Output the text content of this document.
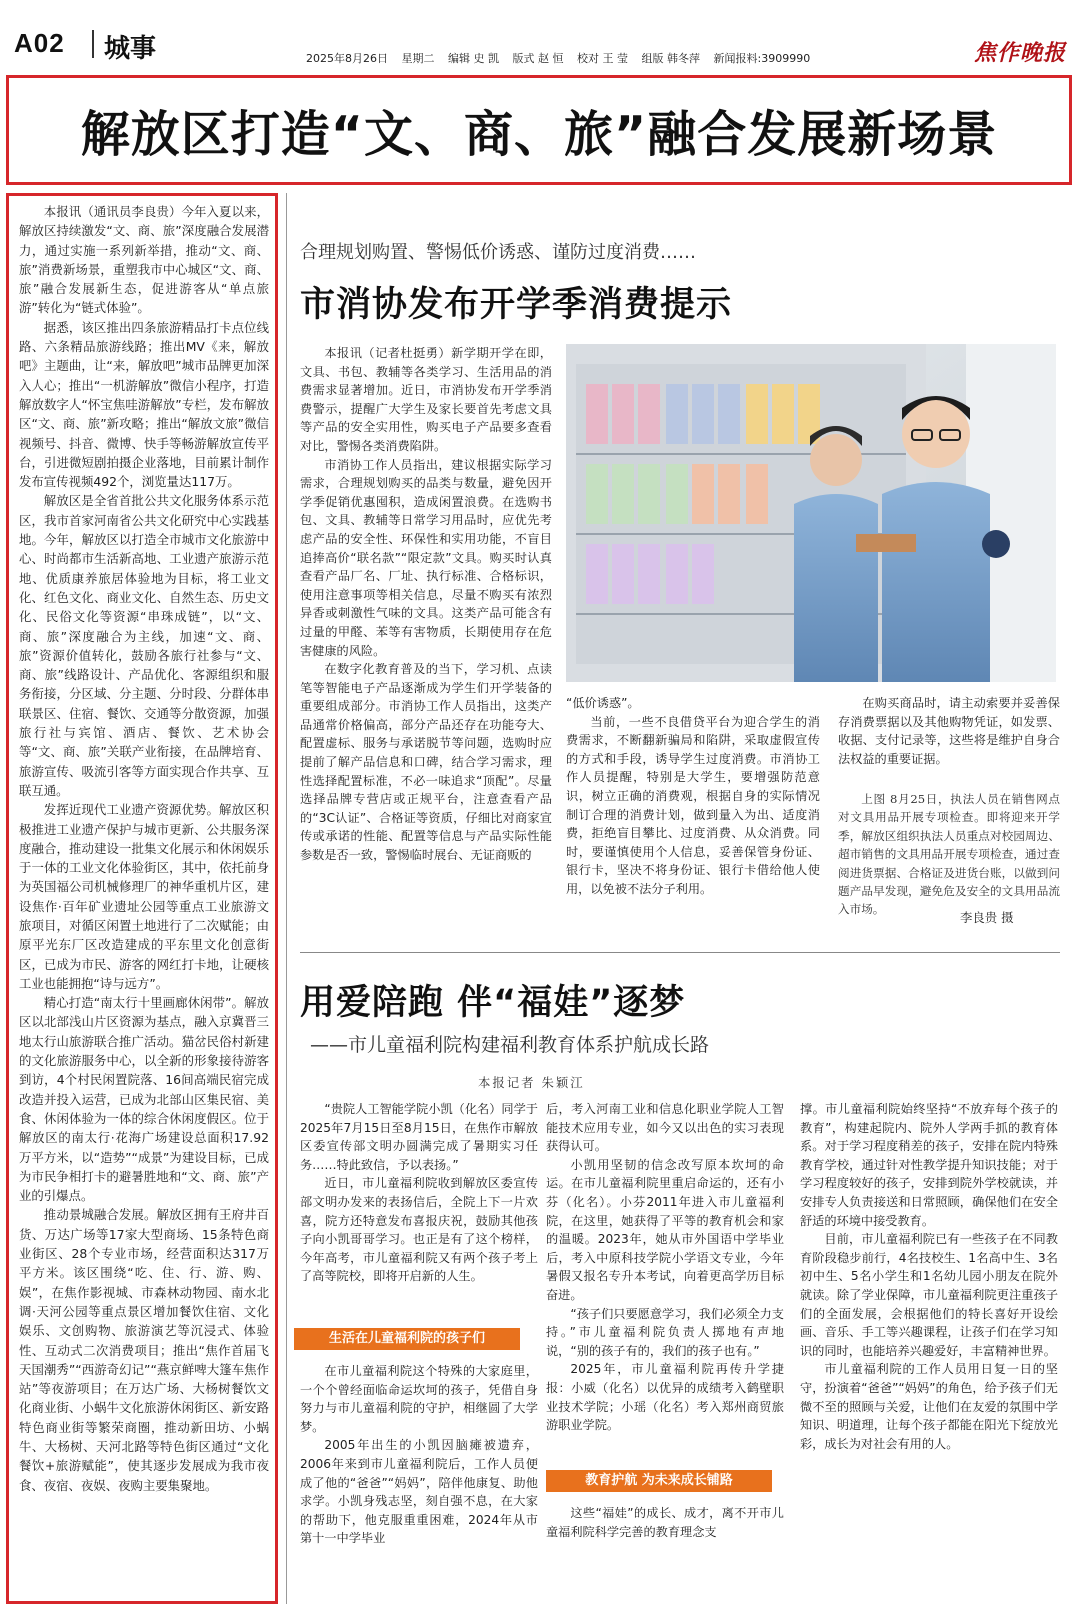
A02 城事	2025年8月26日 星期二 编辑 史 凯 版式 赵 恒 校对 王 莹 组版 韩冬萍 新闻报料:3909990	焦作晚报
解放区打造“文、商、旅”融合发展新场景

本报讯（通讯员李良贵）今年入夏以来，解放区持续激发“文、商、旅”深度融合发展潜力，通过实施一系列新举措，推动“文、商、旅”消费新场景，重塑我市中心城区“文、商、旅”融合发展新生态，促进游客从“单点旅游”转化为“链式体验”。

据悉，该区推出四条旅游精品打卡点位线路、六条精品旅游线路；推出MV《来，解放吧》主题曲，让“来，解放吧”城市品牌更加深入人心；推出“一机游解放”微信小程序，打造解放数字人“怀宝焦哇游解放”专栏，发布解放区“文、商、旅”新攻略；推出“解放文旅”微信视频号、抖音、微博、快手等畅游解放宣传平台，引进微短剧拍摄企业落地，目前累计制作发布宣传视频492个，浏览量达117万。

解放区是全省首批公共文化服务体系示范区，我市首家河南省公共文化研究中心实践基地。今年，解放区以打造全市城市文化旅游中心、时尚都市生活新高地、工业遗产旅游示范地、优质康养旅居体验地为目标，将工业文化、红色文化、商业文化、自然生态、历史文化、民俗文化等资源“串珠成链”，以“文、商、旅”深度融合为主线，加速“文、商、旅”资源价值转化，鼓励各旅行社参与“文、商、旅”线路设计、产品优化、客源组织和服务衔接，分区域、分主题、分时段、分群体串联景区、住宿、餐饮、交通等分散资源，加强旅行社与宾馆、酒店、餐饮、艺术协会等“文、商、旅”关联产业衔接，在品牌培育、旅游宣传、吸流引客等方面实现合作共享、互联互通。

发挥近现代工业遗产资源优势。解放区积极推进工业遗产保护与城市更新、公共服务深度融合，推动建设一批集文化展示和休闲娱乐于一体的工业文化体验街区，其中，依托前身为英国福公司机械修理厂的神华重机片区，建设焦作·百年矿业遗址公园等重点工业旅游文旅项目，对循区闲置土地进行了二次赋能；由原平光东厂区改造建成的平东里文化创意街区，已成为市民、游客的网红打卡地，让硬核工业也能拥抱“诗与远方”。

精心打造“南太行十里画廊休闲带”。解放区以北部浅山片区资源为基点，融入京冀晋三地太行山旅游联合推广活动。猫岔民俗村新建的文化旅游服务中心，以全新的形象接待游客到访，4个村民闲置院落、16间高端民宿完成改造并投入运营，已成为北部山区集民宿、美食、休闲体验为一体的综合休闲度假区。位于解放区的南太行·花海广场建设总面积17.92万平方米，以“造势”“成景”为建设目标，已成为市民争相打卡的避暑胜地和“文、商、旅”产业的引爆点。

推动景城融合发展。解放区拥有王府井百货、万达广场等17家大型商场、15条特色商业街区、28个专业市场，经营面积达317万平方米。该区围绕“吃、住、行、游、购、娱”，在焦作影视城、市森林动物园、南水北调·天河公园等重点景区增加餐饮住宿、文化娱乐、文创购物、旅游演艺等沉浸式、体验性、互动式二次消费项目；推出“焦作首届飞天国潮秀”“西游奇幻记”“燕京鲜啤大篷车焦作站”等夜游项目；在万达广场、大杨树餐饮文化商业街、小蜗牛文化旅游休闲街区、新安路特色商业街等繁荣商圈，推动新田坊、小蜗牛、大杨树、天河北路等特色街区通过“文化餐饮+旅游赋能”，使其逐步发展成为我市夜食、夜宿、夜娱、夜购主要集聚地。

合理规划购置、警惕低价诱惑、谨防过度消费……
市消协发布开学季消费提示

本报讯（记者杜挺勇）新学期开学在即，文具、书包、教辅等各类学习、生活用品的消费需求显著增加。近日，市消协发布开学季消费警示，提醒广大学生及家长要首先考虑文具等产品的安全实用性，购买电子产品要多查看对比，警惕各类消费陷阱。

市消协工作人员指出，建议根据实际学习需求，合理规划购买的品类与数量，避免因开学季促销优惠囤积，造成闲置浪费。在选购书包、文具、教辅等日常学习用品时，应优先考虑产品的安全性、环保性和实用功能，不盲目追捧高价“联名款”“限定款”文具。购买时认真查看产品厂名、厂址、执行标准、合格标识，使用注意事项等相关信息，尽量不购买有浓烈异香或刺激性气味的文具。这类产品可能含有过量的甲醛、苯等有害物质，长期使用存在危害健康的风险。

在数字化教育普及的当下，学习机、点读笔等智能电子产品逐渐成为学生们开学装备的重要组成部分。市消协工作人员指出，这类产品通常价格偏高，部分产品还存在功能夸大、配置虚标、服务与承诺脱节等问题，选购时应提前了解产品信息和口碑，结合学习需求，理性选择配置标准，不必一味追求“顶配”。尽量选择品牌专营店或正规平台，注意查看产品的“3C认证”、合格证等资质，仔细比对商家宣传或承诺的性能、配置等信息与产品实际性能参数是否一致，警惕临时展台、无证商贩的

“低价诱惑”。

当前，一些不良借贷平台为迎合学生的消费需求，不断翻新骗局和陷阱，采取虚假宣传的方式和手段，诱导学生过度消费。市消协工作人员提醒，特别是大学生，要增强防范意识，树立正确的消费观，根据自身的实际情况制订合理的消费计划，做到量入为出、适度消费，拒绝盲目攀比、过度消费、从众消费。同时，要谨慎使用个人信息，妥善保管身份证、银行卡，坚决不将身份证、银行卡借给他人使用，以免被不法分子利用。

在购买商品时，请主动索要并妥善保存消费票据以及其他购物凭证，如发票、收据、支付记录等，这些将是维护自身合法权益的重要证据。

上图 8月25日，执法人员在销售网点对文具用品开展专项检查。即将迎来开学季，解放区组织执法人员重点对校园周边、超市销售的文具用品开展专项检查，通过查阅进货票据、合格证及进货台账，以做到问题产品早发现，避免危及安全的文具用品流入市场。

李良贵 摄
用爱陪跑 伴“福娃”逐梦
——市儿童福利院构建福利教育体系护航成长路
本报记者 朱颖江

“贵院人工智能学院小凯（化名）同学于2025年7月15日至8月15日，在焦作市解放区委宣传部文明办圆满完成了暑期实习任务……特此致信，予以表扬。”

近日，市儿童福利院收到解放区委宣传部文明办发来的表扬信后，全院上下一片欢喜，院方还特意发布喜报庆祝，鼓励其他孩子向小凯哥哥学习。也正是有了这个榜样，今年高考，市儿童福利院又有两个孩子考上了高等院校，即将开启新的人生。

生活在儿童福利院的孩子们

在市儿童福利院这个特殊的大家庭里，一个个曾经面临命运坎坷的孩子，凭借自身努力与市儿童福利院的守护，相继圆了大学梦。

2005年出生的小凯因脑瘫被遗弃，2006年来到市儿童福利院后，工作人员便成了他的“爸爸”“妈妈”，陪伴他康复、助他求学。小凯身残志坚，刻自强不息，在大家的帮助下，他克服重重困难，2024年从市第十一中学毕业

后，考入河南工业和信息化职业学院人工智能技术应用专业，如今又以出色的实习表现获得认可。

小凯用坚韧的信念改写原本坎坷的命运。在市儿童福利院里重启命运的，还有小芬（化名）。小芬2011年进入市儿童福利院，在这里，她获得了平等的教育机会和家的温暖。2023年，她从市外国语中学毕业后，考入中原科技学院小学语文专业，今年暑假又报名专升本考试，向着更高学历目标奋进。

“孩子们只要愿意学习，我们必须全力支持。”市儿童福利院负责人掷地有声地说，“别的孩子有的，我们的孩子也有。”

2025年，市儿童福利院再传升学捷报：小威（化名）以优异的成绩考入鹤壁职业技术学院；小瑶（化名）考入郑州商贸旅游职业学院。

教育护航 为未来成长铺路

这些“福娃”的成长、成才，离不开市儿童福利院科学完善的教育理念支

撑。市儿童福利院始终坚持“不放弃每个孩子的教育”，构建起院内、院外人学两手抓的教育体系。对于学习程度稍差的孩子，安排在院内特殊教育学校，通过针对性教学提升知识技能；对于学习程度较好的孩子，安排到院外学校就读，并安排专人负责接送和日常照顾，确保他们在安全舒适的环境中接受教育。

目前，市儿童福利院已有一些孩子在不同教育阶段稳步前行，4名技校生、1名高中生、3名初中生、5名小学生和1名幼儿园小朋友在院外就读。除了学业保障，市儿童福利院更注重孩子们的全面发展，会根据他们的特长喜好开设绘画、音乐、手工等兴趣课程，让孩子们在学习知识的同时，也能培养兴趣爱好，丰富精神世界。

市儿童福利院的工作人员用日复一日的坚守，扮演着“爸爸”“妈妈”的角色，给予孩子们无微不至的照顾与关爱，让他们在友爱的氛围中学知识、明道理，让每个孩子都能在阳光下绽放光彩，成长为对社会有用的人。
